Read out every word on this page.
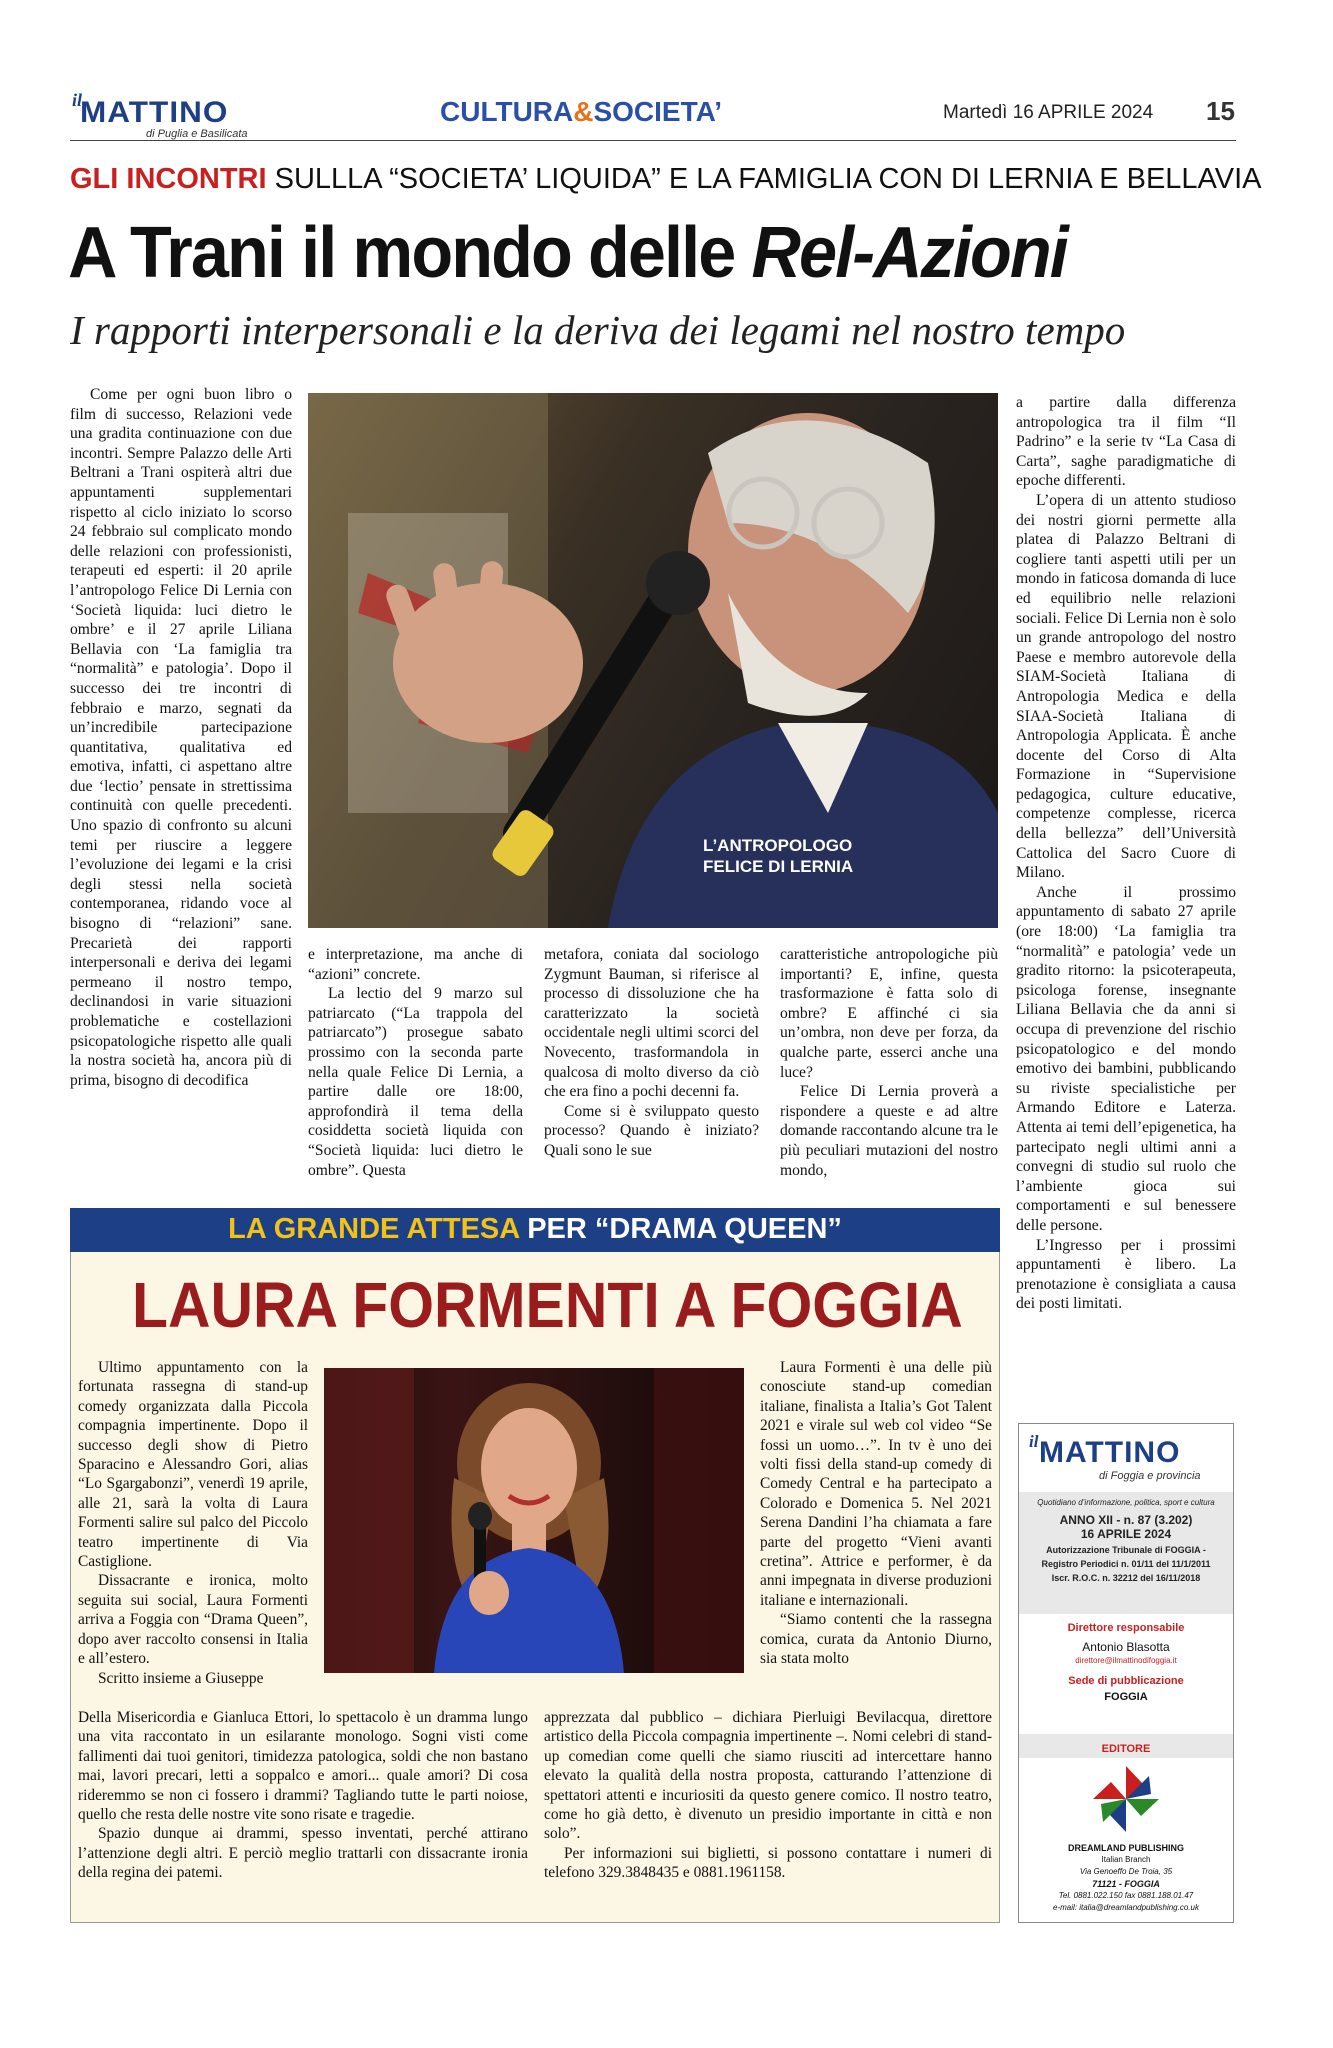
il
MATTINO
di Puglia e Basilicata
CULTURA&SOCIETA’	Martedì 16 APRILE 2024 15
GLI INCONTRI SULLLA “SOCIETA’ LIQUIDA” E LA FAMIGLIA CON DI LERNIA E BELLAVIA
A Trani il mondo delle Rel-Azioni
I rapporti interpersonali e la deriva dei legami nel nostro tempo

Come per ogni buon libro o film di successo, Relazioni vede una gradita continuazione con due incontri. Sempre Palazzo delle Arti Beltrani a Trani ospiterà altri due appuntamenti supplementari rispetto al ciclo iniziato lo scorso 24 febbraio sul complicato mondo delle relazioni con professionisti, terapeuti ed esperti: il 20 aprile l’antropologo Felice Di Lernia con ‘Società liquida: luci dietro le ombre’ e il 27 aprile Liliana Bellavia con ‘La famiglia tra “normalità” e patologia’. Dopo il successo dei tre incontri di febbraio e marzo, segnati da un’incredibile partecipazione quantitativa, qualitativa ed emotiva, infatti, ci aspettano altre due ‘lectio’ pensate in strettissima continuità con quelle precedenti. Uno spazio di confronto su alcuni temi per riuscire a leggere l’evoluzione dei legami e la crisi degli stessi nella società contemporanea, ridando voce al bisogno di “relazioni” sane. Precarietà dei rapporti interpersonali e deriva dei legami permeano il nostro tempo, declinandosi in varie situazioni problematiche e costellazioni psicopatologiche rispetto alle quali la nostra società ha, ancora più di prima, bisogno di decodifica

L’ANTROPOLOGO
FELICE DI LERNIA

e interpretazione, ma anche di “azioni” concrete.

La lectio del 9 marzo sul patriarcato (“La trappola del patriarcato”) prosegue sabato prossimo con la seconda parte nella quale Felice Di Lernia, a partire dalle ore 18:00, approfondirà il tema della cosiddetta società liquida con “Società liquida: luci dietro le ombre”. Questa

metafora, coniata dal sociologo Zygmunt Bauman, si riferisce al processo di dissoluzione che ha caratterizzato la società occidentale negli ultimi scorci del Novecento, trasformandola in qualcosa di molto diverso da ciò che era fino a pochi decenni fa.

Come si è sviluppato questo processo? Quando è iniziato? Quali sono le sue

caratteristiche antropologiche più importanti? E, infine, questa trasformazione è fatta solo di ombre? E affinché ci sia un’ombra, non deve per forza, da qualche parte, esserci anche una luce?

Felice Di Lernia proverà a rispondere a queste e ad altre domande raccontando alcune tra le più peculiari mutazioni del nostro mondo,

a partire dalla differenza antropologica tra il film “Il Padrino” e la serie tv “La Casa di Carta”, saghe paradigmatiche di epoche differenti.

L’opera di un attento studioso dei nostri giorni permette alla platea di Palazzo Beltrani di cogliere tanti aspetti utili per un mondo in faticosa domanda di luce ed equilibrio nelle relazioni sociali. Felice Di Lernia non è solo un grande antropologo del nostro Paese e membro autorevole della SIAM-Società Italiana di Antropologia Medica e della SIAA-Società Italiana di Antropologia Applicata. È anche docente del Corso di Alta Formazione in “Supervisione pedagogica, culture educative, competenze complesse, ricerca della bellezza” dell’Università Cattolica del Sacro Cuore di Milano.

Anche il prossimo appuntamento di sabato 27 aprile (ore 18:00) ‘La famiglia tra “normalità” e patologia’ vede un gradito ritorno: la psicoterapeuta, psicologa forense, insegnante Liliana Bellavia che da anni si occupa di prevenzione del rischio psicopatologico e del mondo emotivo dei bambini, pubblicando su riviste specialistiche per Armando Editore e Laterza. Attenta ai temi dell’epigenetica, ha partecipato negli ultimi anni a convegni di studio sul ruolo che l’ambiente gioca sui comportamenti e sul benessere delle persone.

L’Ingresso per i prossimi appuntamenti è libero. La prenotazione è consigliata a causa dei posti limitati.

LA GRANDE ATTESA PER “DRAMA QUEEN”
LAURA FORMENTI A FOGGIA

Ultimo appuntamento con la fortunata rassegna di stand-up comedy organizzata dalla Piccola compagnia impertinente. Dopo il successo degli show di Pietro Sparacino e Alessandro Gori, alias “Lo Sgargabonzi”, venerdì 19 aprile, alle 21, sarà la volta di Laura Formenti salire sul palco del Piccolo teatro impertinente di Via Castiglione.

Dissacrante e ironica, molto seguita sui social, Laura Formenti arriva a Foggia con “Drama Queen”, dopo aver raccolto consensi in Italia e all’estero.

Scritto insieme a Giuseppe

Laura Formenti è una delle più conosciute stand-up comedian italiane, finalista a Italia’s Got Talent 2021 e virale sul web col video “Se fossi un uomo…”. In tv è uno dei volti fissi della stand-up comedy di Comedy Central e ha partecipato a Colorado e Domenica 5. Nel 2021 Serena Dandini l’ha chiamata a fare parte del progetto “Vieni avanti cretina”. Attrice e performer, è da anni impegnata in diverse produzioni italiane e internazionali.

“Siamo contenti che la rassegna comica, curata da Antonio Diurno, sia stata molto

Della Misericordia e Gianluca Ettori, lo spettacolo è un dramma lungo una vita raccontato in un esilarante monologo. Sogni visti come fallimenti dai tuoi genitori, timidezza patologica, soldi che non bastano mai, lavori precari, letti a soppalco e amori... quale amori? Di cosa rideremmo se non ci fossero i drammi? Tagliando tutte le parti noiose, quello che resta delle nostre vite sono risate e tragedie.

Spazio dunque ai drammi, spesso inventati, perché attirano l’attenzione degli altri. E perciò meglio trattarli con dissacrante ironia della regina dei patemi.

apprezzata dal pubblico – dichiara Pierluigi Bevilacqua, direttore artistico della Piccola compagnia impertinente –. Nomi celebri di stand-up comedian come quelli che siamo riusciti ad intercettare hanno elevato la qualità della nostra proposta, catturando l’attenzione di spettatori attenti e incuriositi da questo genere comico. Il nostro teatro, come ho già detto, è divenuto un presidio importante in città e non solo”.

Per informazioni sui biglietti, si possono contattare i numeri di telefono 329.3848435 e 0881.1961158.

il MATTINO
di Foggia e provincia
Quotidiano d’informazione, politica, sport e cultura
ANNO XII - n. 87 (3.202)
16 APRILE 2024
Autorizzazione Tribunale di FOGGIA -
Registro Periodici n. 01/11 del 11/1/2011
Iscr. R.O.C. n. 32212 del 16/11/2018
Direttore responsabile
Antonio Blasotta
direttore@ilmattinodifoggia.it
Sede di pubblicazione
FOGGIA
EDITORE
DREAMLAND PUBLISHING
Italian Branch
Via Genoeffo De Troia, 35
71121 - FOGGIA
Tel. 0881.022.150 fax 0881.188.01.47
e-mail: italia@dreamlandpublishing.co.uk
